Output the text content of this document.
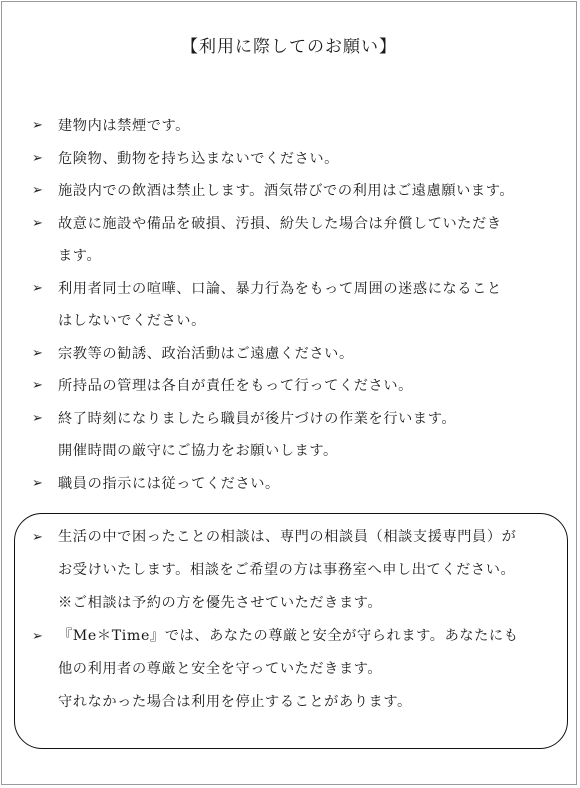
【利用に際してのお願い】
➢ 建物内は禁煙です。
➢ 危険物、動物を持ち込まないでください。
➢ 施設内での飲酒は禁止します。酒気帯びでの利用はご遠慮願います。
➢ 故意に施設や備品を破損、汚損、紛失した場合は弁償していただき
ます。
➢ 利用者同士の喧嘩、口論、暴力行為をもって周囲の迷惑になること
はしないでください。
➢ 宗教等の勧誘、政治活動はご遠慮ください。
➢ 所持品の管理は各自が責任をもって行ってください。
➢ 終了時刻になりましたら職員が後片づけの作業を行います。
開催時間の厳守にご協力をお願いします。
➢ 職員の指示には従ってください。
➢ 生活の中で困ったことの相談は、専門の相談員（相談支援専門員）が
お受けいたします。相談をご希望の方は事務室へ申し出てください。
※ご相談は予約の方を優先させていただきます。
➢ 『Me＊Time』では、あなたの尊厳と安全が守られます。あなたにも
他の利用者の尊厳と安全を守っていただきます。
守れなかった場合は利用を停止することがあります。
